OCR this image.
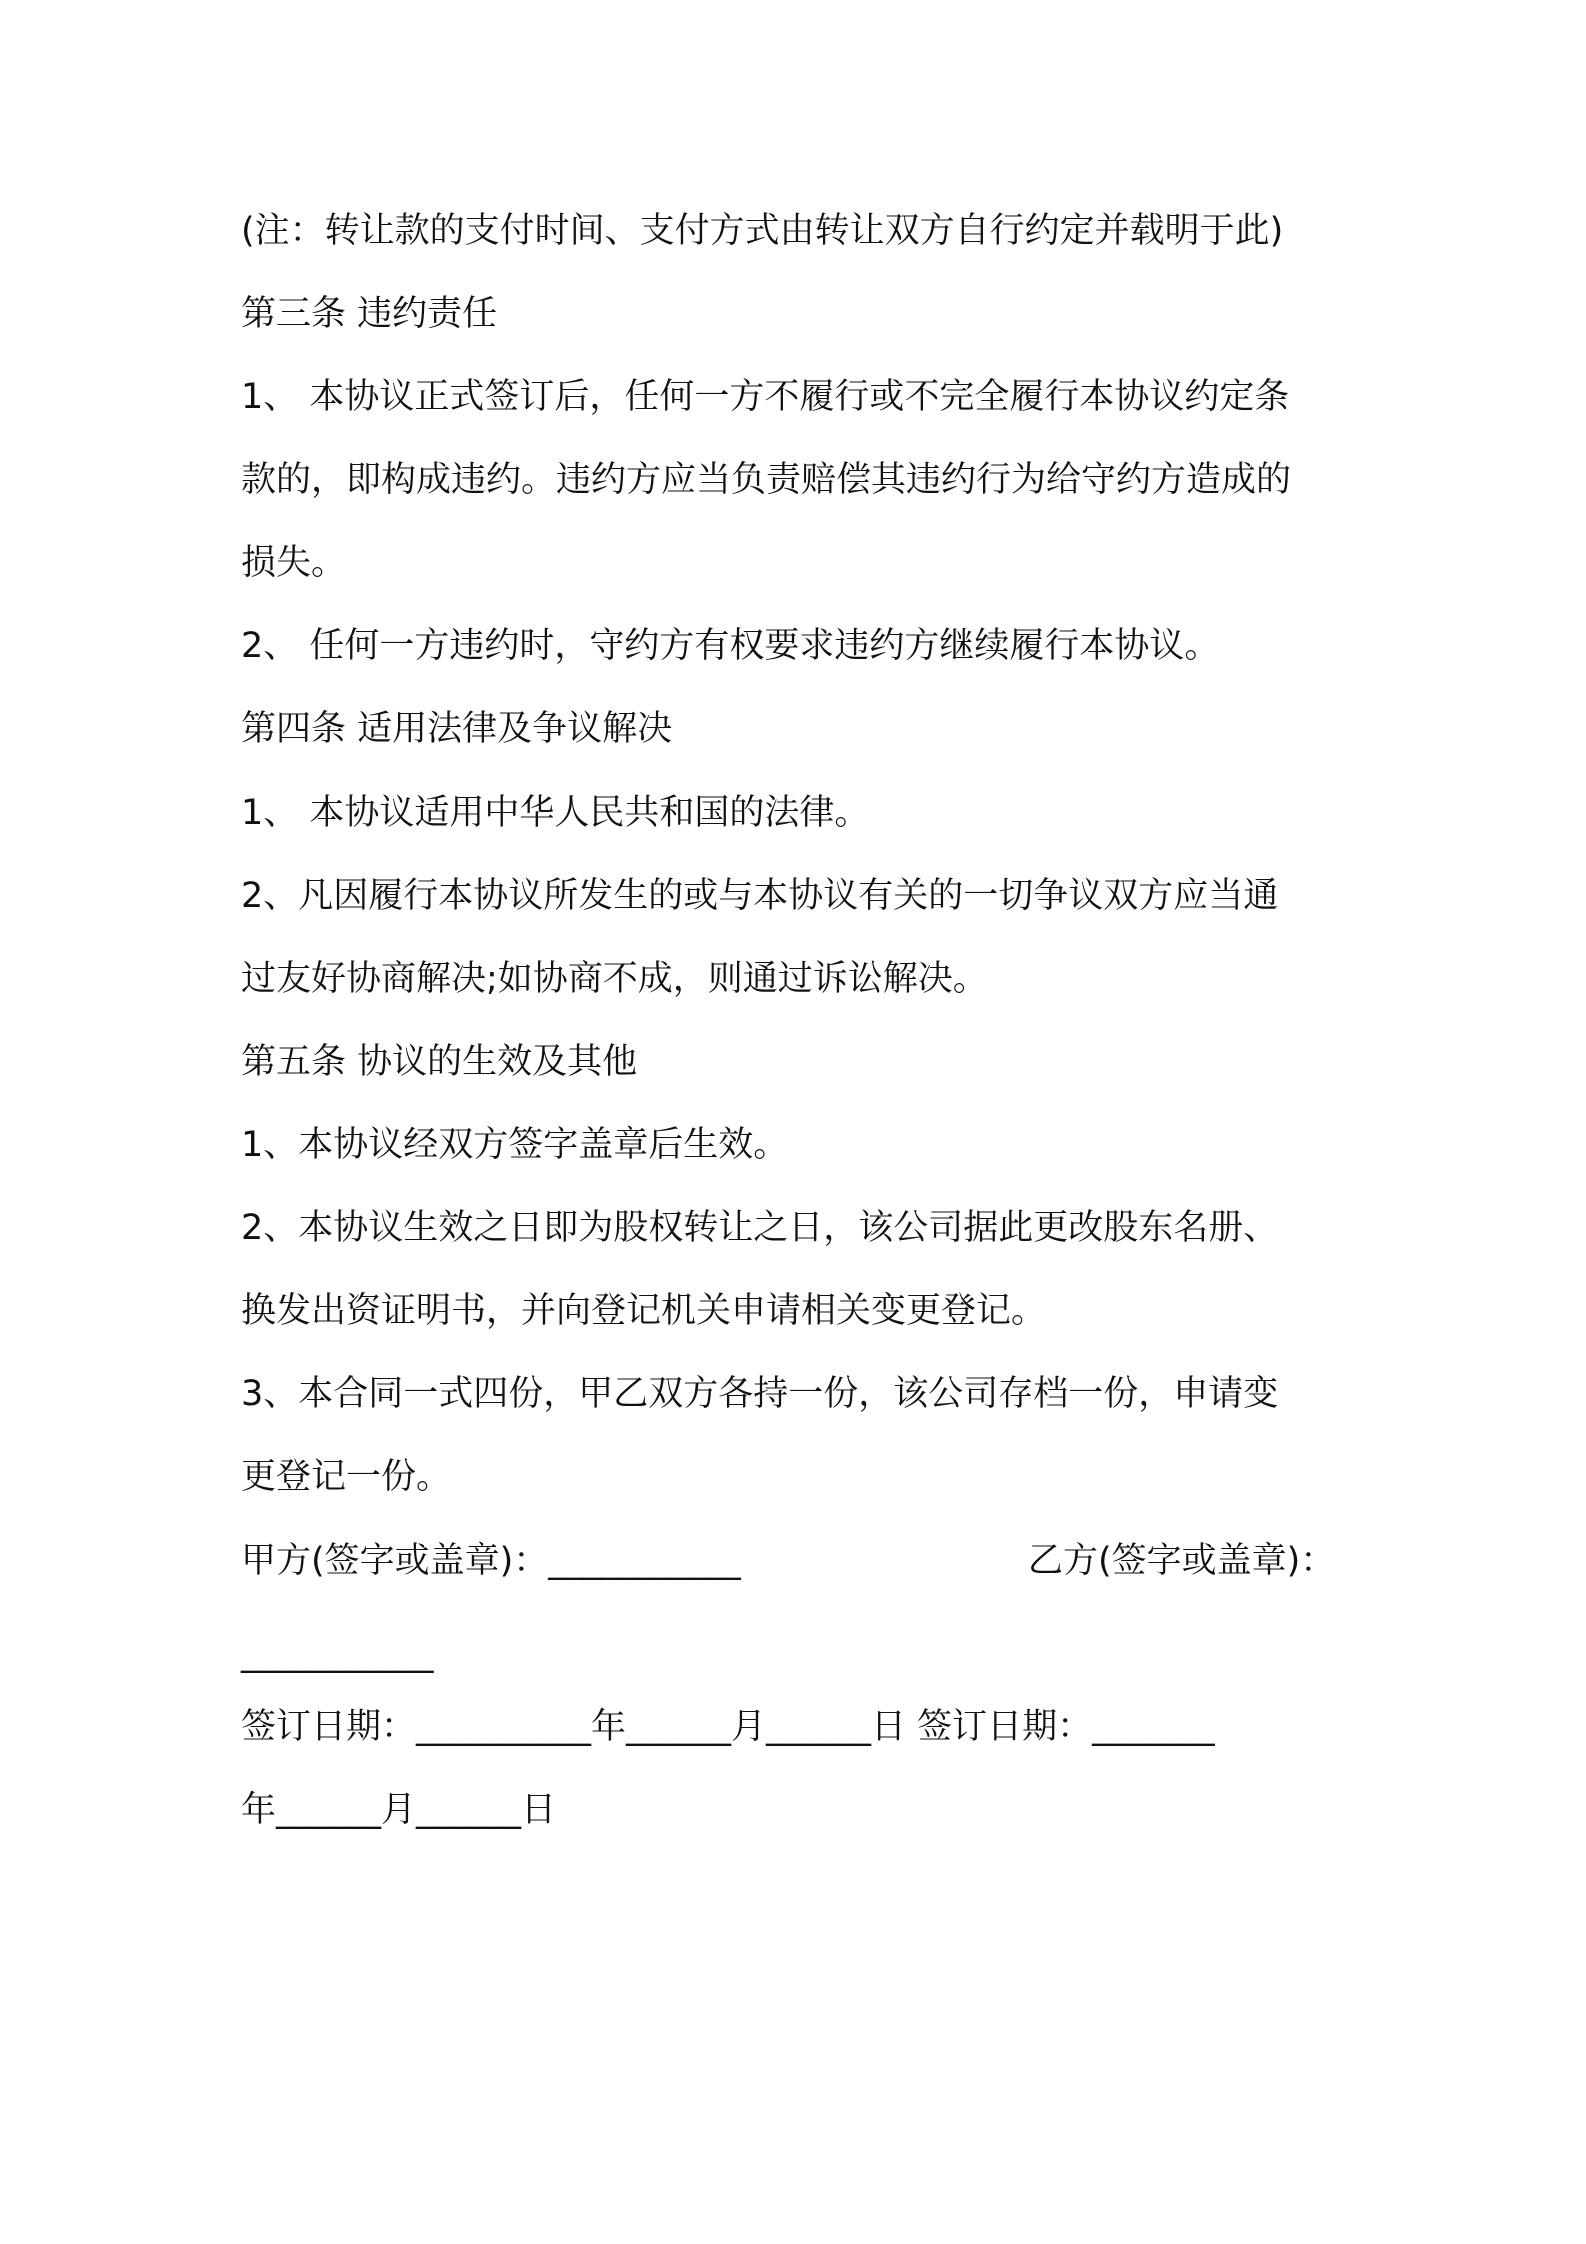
(注：转让款的支付时间、支付方式由转让双方自行约定并载明于此)
第三条 违约责任
1、 本协议正式签订后，任何一方不履行或不完全履行本协议约定条
款的，即构成违约。违约方应当负责赔偿其违约行为给守约方造成的
损失。
2、 任何一方违约时，守约方有权要求违约方继续履行本协议。
第四条 适用法律及争议解决
1、 本协议适用中华人民共和国的法律。
2、凡因履行本协议所发生的或与本协议有关的一切争议双方应当通
过友好协商解决;如协商不成，则通过诉讼解决。
第五条 协议的生效及其他
1、本协议经双方签字盖章后生效。
2、本协议生效之日即为股权转让之日，该公司据此更改股东名册、
换发出资证明书，并向登记机关申请相关变更登记。
3、本合同一式四份，甲乙双方各持一份，该公司存档一份，申请变
更登记一份。
甲方(签字或盖章)：___________	乙方(签字或盖章)：
___________
签订日期：__________年______月______日 签订日期：_______
年______月______日
